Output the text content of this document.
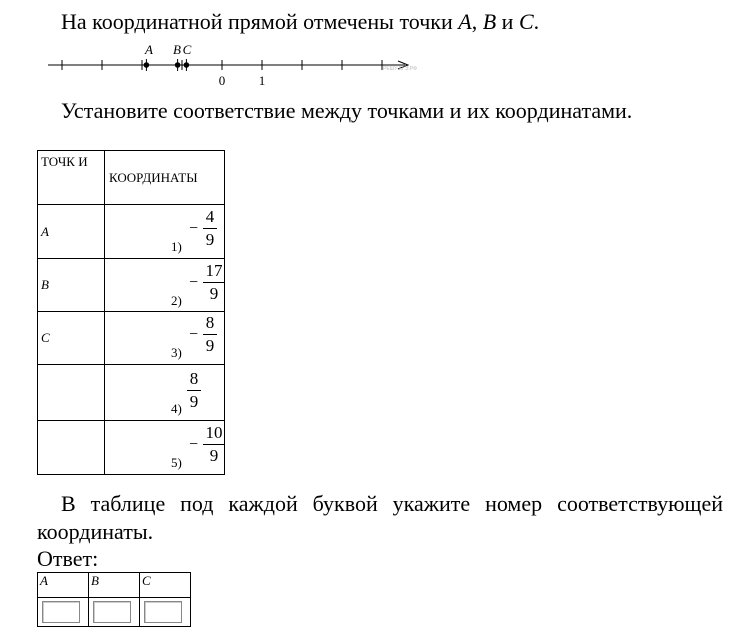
На координатной прямой отмечены точки A, B и C.
0	1
A B C
РЕШУ ЕГЭ.РФ
Установите соответствие между точками и их координатами.
ТОЧК И	КООРДИНАТЫ
A	1)
−
4
9

B	2)
−
17
9

C	3)
−
8
9

	4)
8
9

	5)
−
10
9
В таблице под каждой буквой укажите номер соответствующей
координаты.
Ответ:
A	B	C
